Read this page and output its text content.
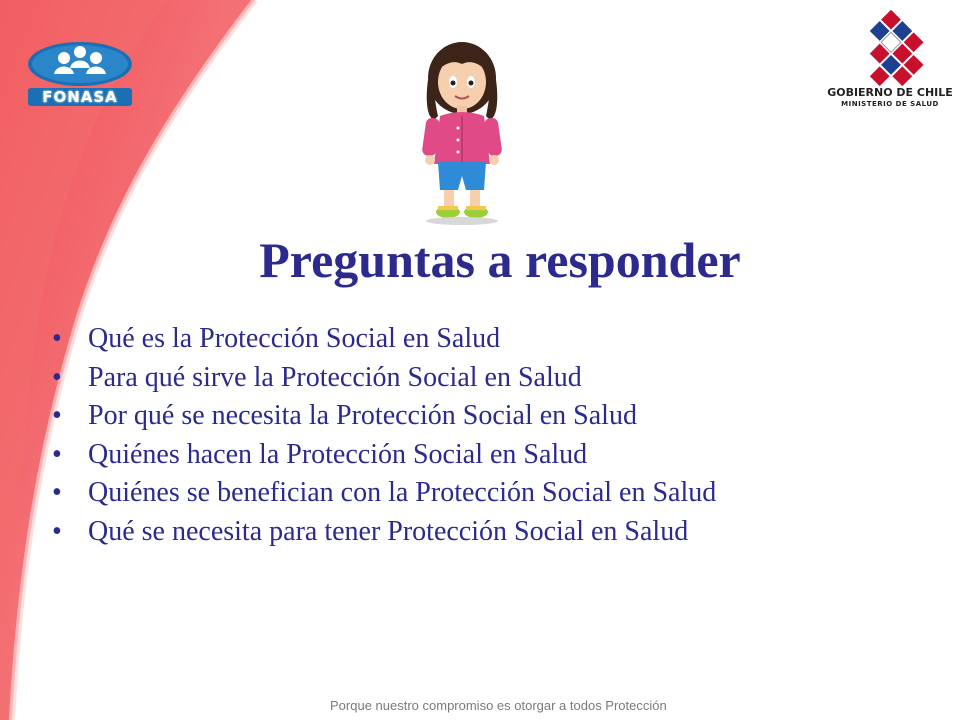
FONASA	GOBIERNO DE CHILE
MINISTERIO DE SALUD
Preguntas a responder
• Qué es la Protección Social en Salud
• Para qué sirve la Protección Social en Salud
• Por qué se necesita la Protección Social en Salud
• Quiénes hacen la Protección Social en Salud
• Quiénes se benefician con la Protección Social en Salud
• Qué se necesita para tener Protección Social en Salud
Porque nuestro compromiso es otorgar a todos Protección
